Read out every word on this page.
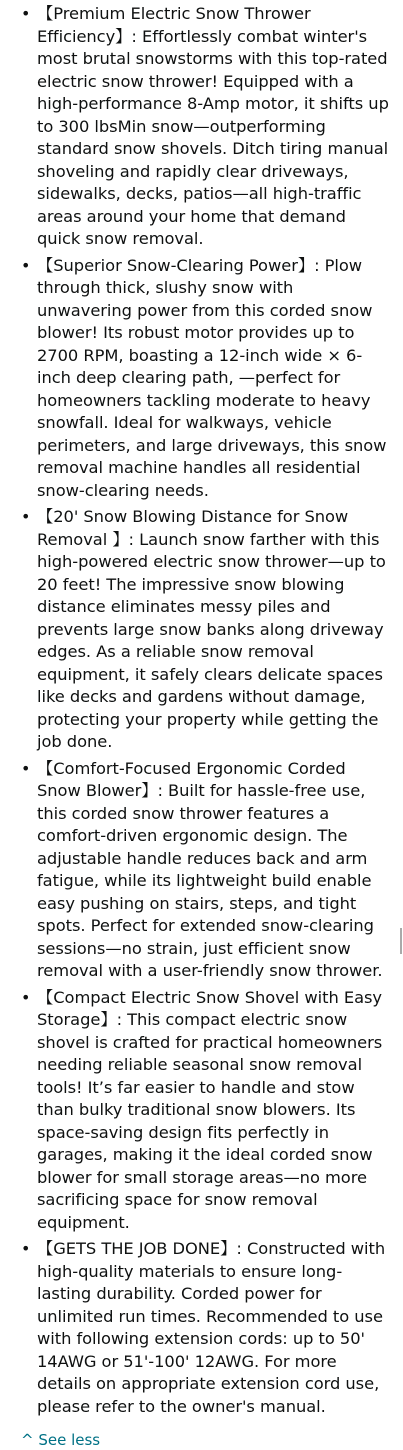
• 【Premium Electric Snow Thrower Efficiency】: Effortlessly combat winter's most brutal snowstorms with this top-rated electric snow thrower! Equipped with a high-performance 8-Amp motor, it shifts up to 300 lbsMin snow—outperforming standard snow shovels. Ditch tiring manual shoveling and rapidly clear driveways, sidewalks, decks, patios—all high-traffic areas around your home that demand quick snow removal.
• 【Superior Snow-Clearing Power】: Plow through thick, slushy snow with unwavering power from this corded snow blower! Its robust motor provides up to 2700 RPM, boasting a 12-inch wide × 6-inch deep clearing path, —perfect for homeowners tackling moderate to heavy snowfall. Ideal for walkways, vehicle perimeters, and large driveways, this snow removal machine handles all residential snow-clearing needs.
• 【20' Snow Blowing Distance for Snow Removal 】: Launch snow farther with this high-powered electric snow thrower—up to 20 feet! The impressive snow blowing distance eliminates messy piles and prevents large snow banks along driveway edges. As a reliable snow removal equipment, it safely clears delicate spaces like decks and gardens without damage, protecting your property while getting the job done.
• 【Comfort-Focused Ergonomic Corded Snow Blower】: Built for hassle-free use, this corded snow thrower features a comfort-driven ergonomic design. The adjustable handle reduces back and arm fatigue, while its lightweight build enable easy pushing on stairs, steps, and tight spots. Perfect for extended snow-clearing sessions—no strain, just efficient snow removal with a user-friendly snow thrower.
• 【Compact Electric Snow Shovel with Easy Storage】: This compact electric snow shovel is crafted for practical homeowners needing reliable seasonal snow removal tools! It’s far easier to handle and stow than bulky traditional snow blowers. Its space-saving design fits perfectly in garages, making it the ideal corded snow blower for small storage areas—no more sacrificing space for snow removal equipment.
• 【GETS THE JOB DONE】: Constructed with high-quality materials to ensure long-lasting durability. Corded power for unlimited run times. Recommended to use with following extension cords: up to 50' 14AWG or 51'-100' 12AWG. For more details on appropriate extension cord use, please refer to the owner's manual.
^ See less
